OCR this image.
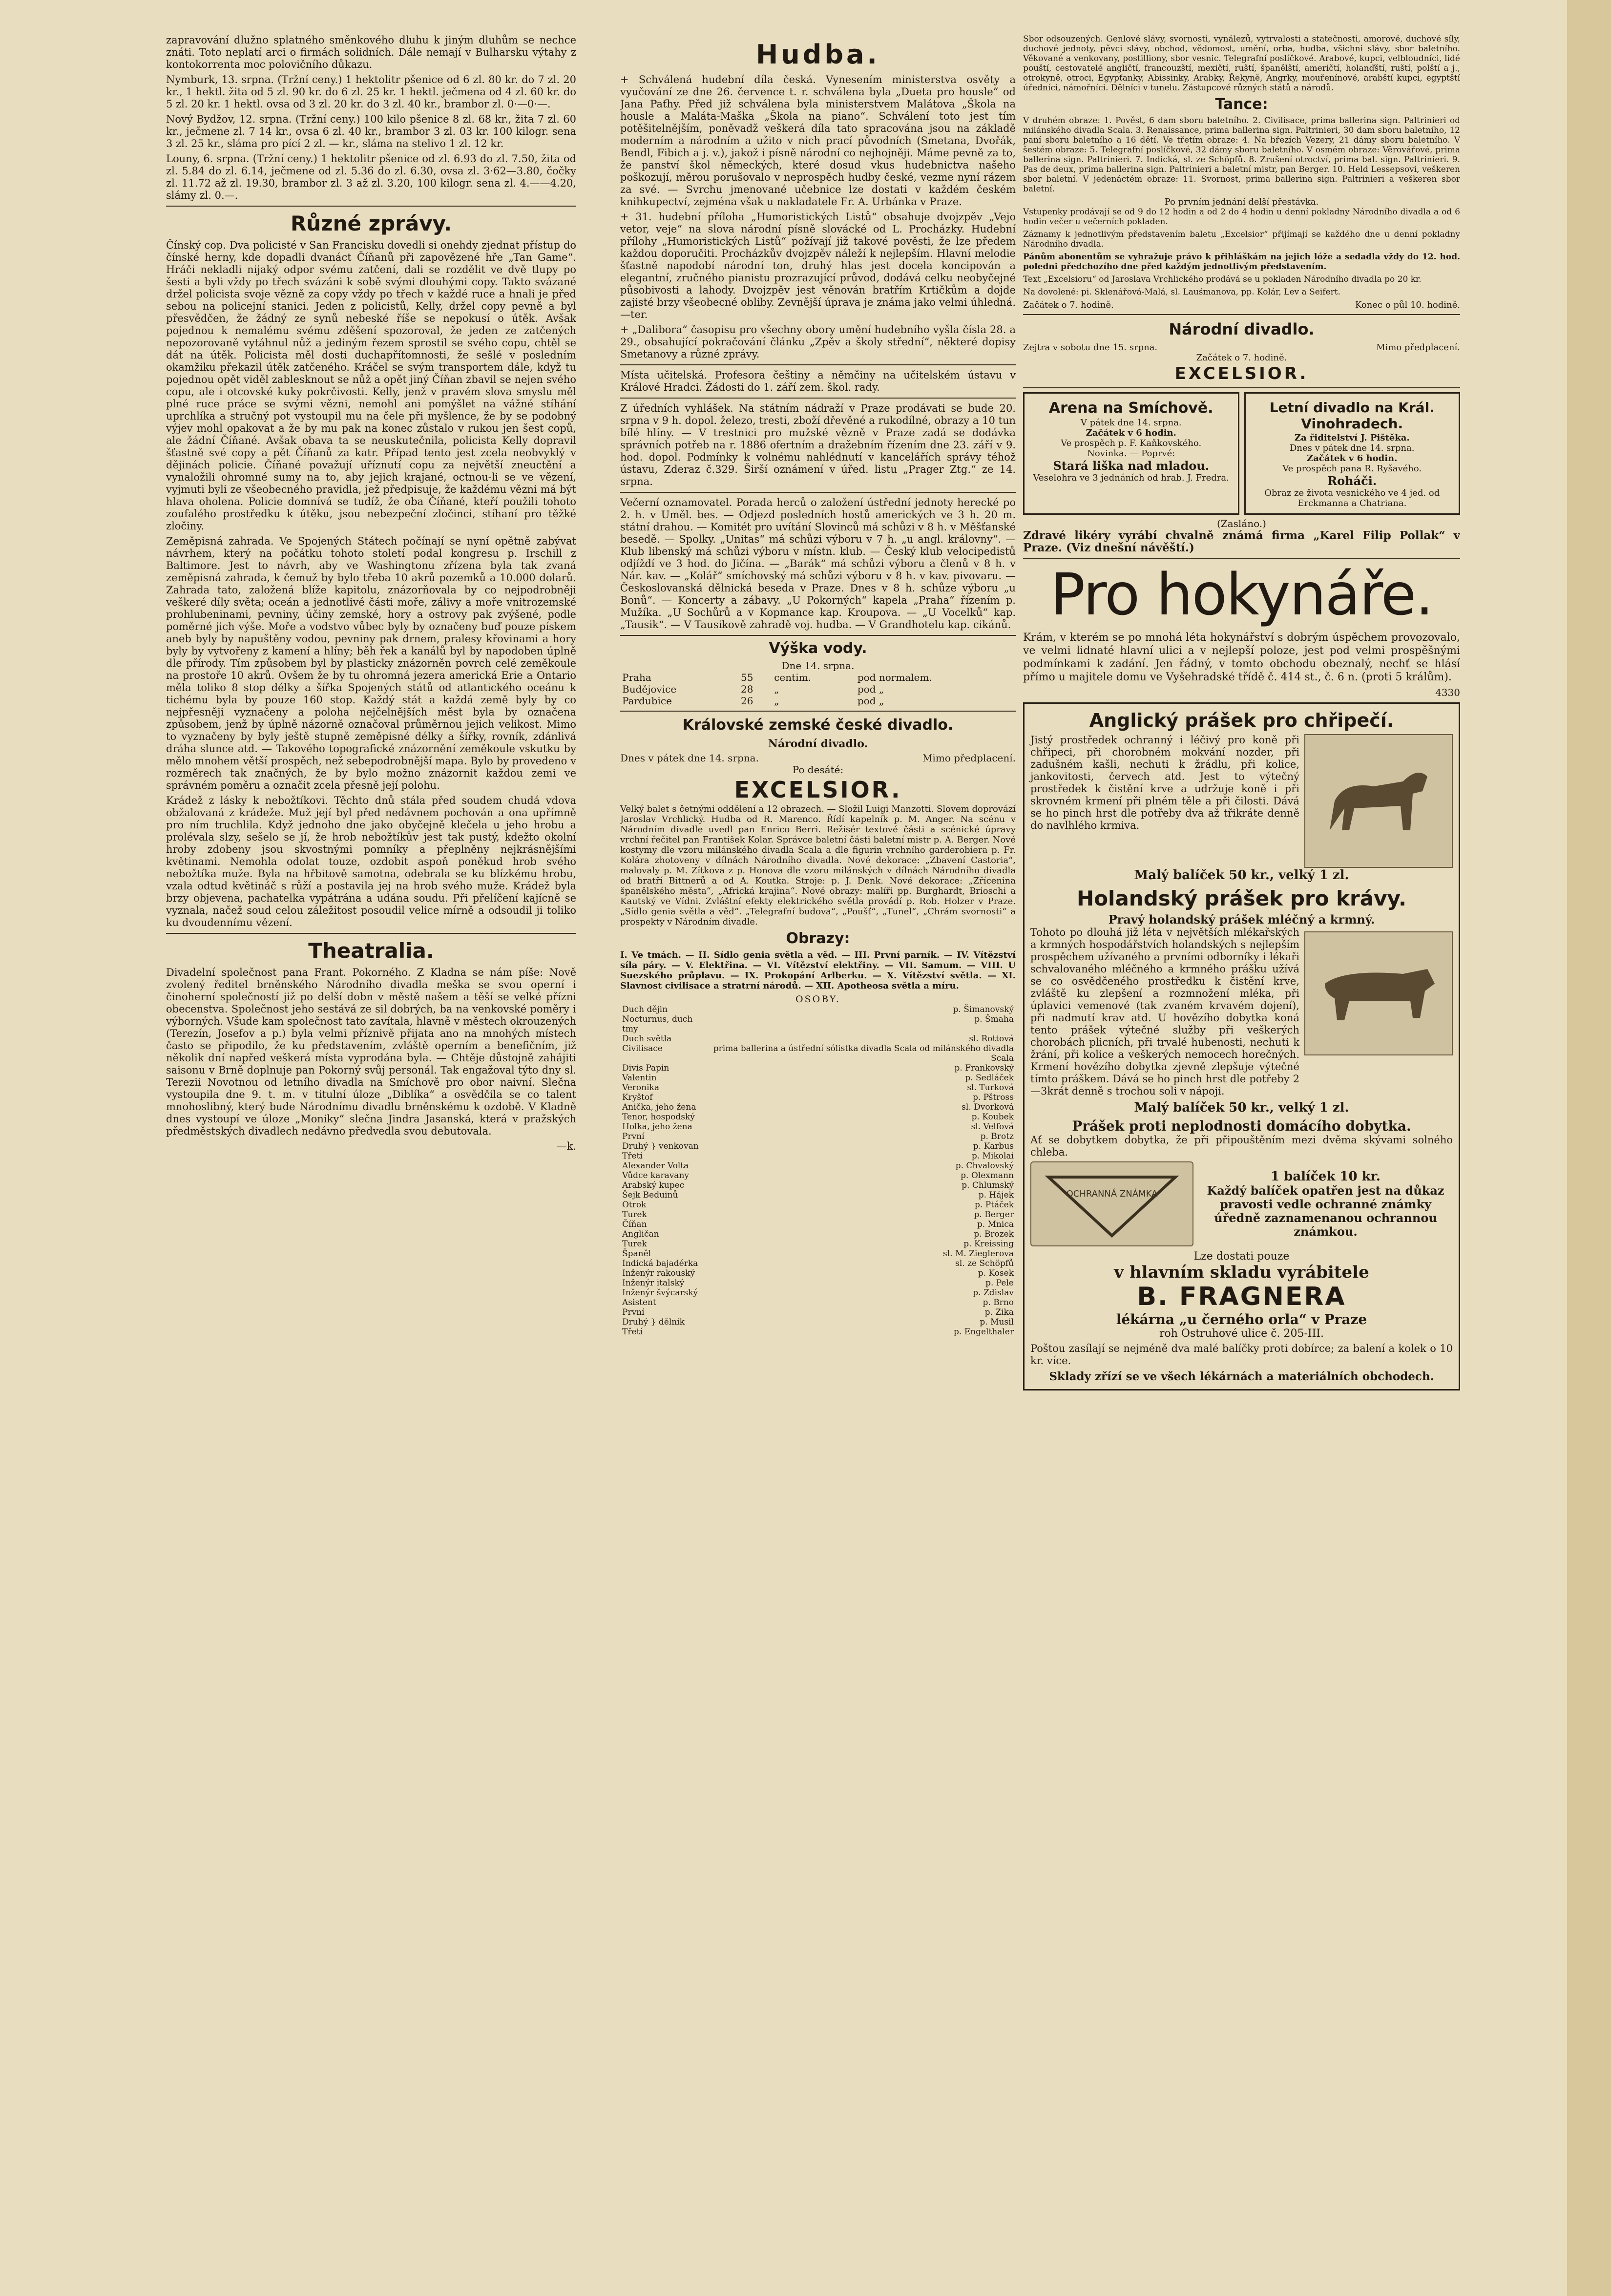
zapravování dlužno splatného směnkového dluhu k jiným dluhům se nechce znáti. Toto neplatí arci o firmách solidních. Dále nemají v Bulharsku výtahy z kontokorrenta moc polovičního důkazu.

Nymburk, 13. srpna. (Tržní ceny.) 1 hektolitr pšenice od 6 zl. 80 kr. do 7 zl. 20 kr., 1 hektl. žita od 5 zl. 90 kr. do 6 zl. 25 kr. 1 hektl. ječmena od 4 zl. 60 kr. do 5 zl. 20 kr. 1 hektl. ovsa od 3 zl. 20 kr. do 3 zl. 40 kr., brambor zl. 0·—0·—.

Nový Bydžov, 12. srpna. (Tržní ceny.) 100 kilo pšenice 8 zl. 68 kr., žita 7 zl. 60 kr., ječmene zl. 7 14 kr., ovsa 6 zl. 40 kr., brambor 3 zl. 03 kr. 100 kilogr. sena 3 zl. 25 kr., sláma pro pící 2 zl. — kr., sláma na stelivo 1 zl. 12 kr.

Louny, 6. srpna. (Tržní ceny.) 1 hektolitr pšenice od zl. 6.93 do zl. 7.50, žita od zl. 5.84 do zl. 6.14, ječmene od zl. 5.36 do zl. 6.30, ovsa zl. 3·62—3.80, čočky zl. 11.72 až zl. 19.30, brambor zl. 3 až zl. 3.20, 100 kilogr. sena zl. 4.——4.20, slámy zl. 0.—.

Různé zprávy.

Čínský cop. Dva policisté v San Francisku dovedli si onehdy zjednat přístup do čínské herny, kde dopadli dvanáct Číňanů při zapovězené hře „Tan Game“. Hráči nekladli nijaký odpor svému zatčení, dali se rozdělit ve dvě tlupy po šesti a byli vždy po třech svázáni k sobě svými dlouhými copy. Takto svázané držel policista svoje vězně za copy vždy po třech v každé ruce a hnali je před sebou na policejní stanici. Jeden z policistů, Kelly, držel copy pevně a byl přesvědčen, že žádný ze synů nebeské říše se nepokusí o útěk. Avšak pojednou k nemalému svému zděšení spozoroval, že jeden ze zatčených nepozorovaně vytáhnul nůž a jediným řezem sprostil se svého copu, chtěl se dát na útěk. Policista měl dosti duchapřítomnosti, že sešlé v posledním okamžiku překazil útěk zatčeného. Kráčel se svým transportem dále, když tu pojednou opět viděl zablesknout se nůž a opět jiný Číňan zbavil se nejen svého copu, ale i otcovské kuky pokrčivosti. Kelly, jenž v pravém slova smyslu měl plné ruce práce se svými vězni, nemohl ani pomýšlet na vážné stíhání uprchlíka a stručný pot vystoupil mu na čele při myšlence, že by se podobný výjev mohl opakovat a že by mu pak na konec zůstalo v rukou jen šest copů, ale žádní Číňané. Avšak obava ta se neuskutečnila, policista Kelly dopravil šťastně své copy a pět Číňanů za katr. Případ tento jest zcela neobvyklý v dějinách policie. Číňané považují uříznutí copu za největší zneuctění a vynaložili ohromné sumy na to, aby jejich krajané, octnou-li se ve vězení, vyjmuti byli ze všeobecného pravidla, jež předpisuje, že každému vězni má být hlava oholena. Policie domnívá se tudíž, že oba Číňané, kteří použili tohoto zoufalého prostředku k útěku, jsou nebezpeční zločinci, stíhaní pro těžké zločiny.

Zeměpisná zahrada. Ve Spojených Státech počínají se nyní opětně zabývat návrhem, který na počátku tohoto století podal kongresu p. Irschill z Baltimore. Jest to návrh, aby ve Washingtonu zřízena byla tak zvaná zeměpisná zahrada, k čemuž by bylo třeba 10 akrů pozemků a 10.000 dolarů. Zahrada tato, založená blíže kapitolu, znázorňovala by co nejpodrobněji veškeré díly světa; oceán a jednotlivé části moře, zálivy a moře vnitrozemské prohlubeninami, pevniny, účiny zemské, hory a ostrovy pak zvýšené, podle poměrné jich výše. Moře a vodstvo vůbec byly by označeny buď pouze pískem aneb byly by napuštěny vodou, pevniny pak drnem, pralesy křovinami a hory byly by vytvořeny z kamení a hlíny; běh řek a kanálů byl by napodoben úplně dle přírody. Tím způsobem byl by plasticky znázorněn povrch celé zeměkoule na prostoře 10 akrů. Ovšem že by tu ohromná jezera americká Erie a Ontario měla toliko 8 stop délky a šířka Spojených států od atlantického oceánu k tichému byla by pouze 160 stop. Každý stát a každá země byly by co nejpřesněji vyznačeny a poloha nejčelnějších měst byla by označena způsobem, jenž by úplně názorně označoval průměrnou jejich velikost. Mimo to vyznačeny by byly ještě stupně zeměpisné délky a šířky, rovník, zdánlivá dráha slunce atd. — Takového topografické znázornění zeměkoule vskutku by mělo mnohem větší prospěch, než sebepodrobnější mapa. Bylo by provedeno v rozměrech tak značných, že by bylo možno znázornit každou zemi ve správném poměru a označit zcela přesně její polohu.

Krádež z lásky k nebožtíkovi. Těchto dnů stála před soudem chudá vdova obžalovaná z krádeže. Muž její byl před nedávnem pochován a ona upřímně pro ním truchlila. Když jednoho dne jako obyčejně klečela u jeho hrobu a prolévala slzy, sešelo se jí, že hrob nebožtíkův jest tak pustý, kdežto okolní hroby zdobeny jsou skvostnými pomníky a přeplněny nejkrásnějšími květinami. Nemohla odolat touze, ozdobit aspoň poněkud hrob svého nebožtíka muže. Byla na hřbitově samotna, odebrala se ku blízkému hrobu, vzala odtud květináč s růží a postavila jej na hrob svého muže. Krádež byla brzy objevena, pachatelka vypátrána a udána soudu. Při přelíčení kajícně se vyznala, načež soud celou záležitost posoudil velice mírně a odsoudil ji toliko ku dvoudennímu vězení.

Theatralia.

Divadelní společnost pana Frant. Pokorného. Z Kladna se nám píše: Nově zvolený ředitel brněnského Národního divadla meška se svou operní i činoherní společností již po delší dobn v městě našem a těší se velké přízni obecenstva. Společnost jeho sestává ze sil dobrých, ba na venkovské poměry i výborných. Všude kam společnost tato zavítala, hlavně v městech okrouzených (Terezín, Josefov a p.) byla velmi příznivě přijata ano na mnohých místech často se připodilo, že ku představením, zvláště operním a benefičním, již několik dní napřed veškerá místa vyprodána byla. — Chtěje důstojně zahájiti saisonu v Brně doplnuje pan Pokorný svůj personál. Tak engažoval týto dny sl. Terezii Novotnou od letního divadla na Smíchově pro obor naivní. Slečna vystoupila dne 9. t. m. v titulní úloze „Diblíka“ a osvědčila se co talent mnohoslibný, který bude Národnímu divadlu brněnskému k ozdobě. V Kladně dnes vystoupí ve úloze „Moniky“ slečna Jindra Jasanská, která v pražských předměstských divadlech nedávno předvedla svou debutovala.

—k.
Hudba.

+ Schválená hudební díla česká. Vynesením ministerstva osvěty a vyučování ze dne 26. července t. r. schválena byla „Dueta pro housle“ od Jana Paťhy. Před již schválena byla ministerstvem Malátova „Škola na housle a Maláta-Maška „Škola na piano“. Schválení toto jest tím potěšitelnějším, poněvadž veškerá díla tato spracována jsou na základě moderním a národním a užito v nich prací původních (Smetana, Dvořák, Bendl, Fibich a j. v.), jakož i písně národní co nejhojněji. Máme pevně za to, že panství škol německých, které dosud vkus hudebnictva našeho poškozují, měrou porušovalo v neprospěch hudby české, vezme nyní rázem za své. — Svrchu jmenované učebnice lze dostati v každém českém knihkupectví, zejména však u nakladatele Fr. A. Urbánka v Praze.

+ 31. hudební příloha „Humoristických Listů“ obsahuje dvojzpěv „Vejo vetor, veje“ na slova národní písně slovácké od L. Procházky. Hudební přílohy „Humoristických Listů“ požívají již takové pověsti, že lze předem každou doporučiti. Procházkův dvojzpěv náleží k nejlepším. Hlavní melodie šťastně napodobí národní ton, druhý hlas jest docela koncipován a elegantní, zručného pianistu prozrazující průvod, dodává celku neobyčejné působivosti a lahody. Dvojzpěv jest věnován bratřím Krtičkům a dojde zajisté brzy všeobecné obliby. Zevnější úprava je známa jako velmi úhledná. —ter.

+ „Dalibora“ časopisu pro všechny obory umění hudebního vyšla čísla 28. a 29., obsahující pokračování článku „Zpěv a školy střední“, některé dopisy Smetanovy a různé zprávy.

Místa učitelská. Profesora češtiny a němčiny na učitelském ústavu v Králové Hradci. Žádosti do 1. září zem. škol. rady.

Z úředních vyhlášek. Na státním nádraží v Praze prodávati se bude 20. srpna v 9 h. dopol. železo, tresti, zboží dřevěné a rukodílné, obrazy a 10 tun bílé hlíny. — V trestnici pro mužské vězně v Praze zadá se dodávka správních potřeb na r. 1886 ofertním a dražebním řízením dne 23. září v 9. hod. dopol. Podmínky k volnému nahlédnutí v kancelářích správy téhož ústavu, Zderaz č.329. Širší oznámení v úřed. listu „Prager Ztg.“ ze 14. srpna.

Večerní oznamovatel. Porada herců o založení ústřední jednoty herecké po 2. h. v Uměl. bes. — Odjezd posledních hostů amerických ve 3 h. 20 m. státní drahou. — Komitét pro uvítání Slovinců má schůzi v 8 h. v Měšťanské besedě. — Spolky. „Unitas“ má schůzi výboru v 7 h. „u angl. královny“. — Klub libenský má schůzi výboru v místn. klub. — Český klub velocipedistů odjíždí ve 3 hod. do Jičína. — „Barák“ má schůzi výboru a členů v 8 h. v Nár. kav. — „Kolář“ smíchovský má schůzi výboru v 8 h. v kav. pivovaru. — Českoslovanská dělnická beseda v Praze. Dnes v 8 h. schůze výboru „u Bonů“. — Koncerty a zábavy. „U Pokorných“ kapela „Praha“ řízením p. Mužíka. „U Sochůrů a v Kopmance kap. Kroupova. — „U Vocelků“ kap. „Tausik“. — V Tausikově zahradě voj. hudba. — V Grandhotelu kap. cikánů.

Výška vody.
Dne 14. srpna.
Praha	55	centim.	pod normalem.
Budějovice	28	„	pod „
Pardubice	26	„	pod „
Královské zemské české divadlo.
Národní divadlo.
Dnes v pátek dne 14. srpna.	Mimo předplacení.
Po desáté:
EXCELSIOR.

Velký balet s četnými oddělení a 12 obrazech. — Složil Luigi Manzotti. Slovem doprovází Jaroslav Vrchlický. Hudba od R. Marenco. Řídí kapelník p. M. Anger. Na scénu v Národním divadle uvedl pan Enrico Berri. Režisér textové části a scénické úpravy vrchní řečitel pan František Kolar. Správce baletní části baletní mistr p. A. Berger. Nové kostymy dle vzoru milánského divadla Scala a dle figurin vrchního garderobiera p. Fr. Kolára zhotoveny v dílnách Národního divadla. Nové dekorace: „Zbavení Castoria“, malovaly p. M. Zítkova z p. Honova dle vzoru milánských v dílnách Národního divadla od bratří Bittnerů a od A. Koutka. Stroje: p. J. Denk. Nové dekorace: „Zřícenina španělského města“, „Africká krajina“. Nové obrazy: malíři pp. Burghardt, Brioschi a Kautský ve Vídni. Zvláštní efekty elektrického světla provádí p. Rob. Holzer v Praze. „Sídlo genia světla a věd“. „Telegrafní budova“, „Poušť“, „Tunel“, „Chrám svornosti“ a prospekty v Národním divadle.

Obrazy:

I. Ve tmách. — II. Sídlo genia světla a věd. — III. První parník. — IV. Vítězství síla páry. — V. Elektřina. — VI. Vítězství elektřiny. — VII. Samum. — VIII. U Suezského průplavu. — IX. Prokopání Arlberku. — X. Vítězství světla. — XI. Slavnost civilisace a stratrní národů. — XII. Apotheosa světla a míru.

OSOBY.
Duch dějin	p. Šimanovský
Nocturnus, duch tmy	p. Šmaha
Duch světla	sl. Rottová
Civilisace	prima ballerina a ústřední sólistka divadla Scala od milánského divadla Scala
Divis Papin	p. Frankovský
Valentin	p. Sedláček
Veronika	sl. Turková
Kryštof	p. Pštross
Anička, jeho žena	sl. Dvorková
Tenor, hospodský	p. Koubek
Holka, jeho žena	sl. Velfová
První	p. Brotz
Druhý } venkovan	p. Karbus
Třetí	p. Mikolai
Alexander Volta	p. Chvalovský
Vůdce karavany	p. Olexmann
Arabský kupec	p. Chlumský
Šejk Beduinů	p. Hájek
Otrok	p. Ptáček
Turek	p. Berger
Číňan	p. Mnica
Angličan	p. Brozek
Turek	p. Kreissing
Španěl	sl. M. Zieglerova
Indická bajadérka	sl. ze Schöpfů
Inženýr rakouský	p. Kosek
Inženýr italský	p. Pele
Inženýr švýcarský	p. Zdislav
Asistent	p. Brno
První	p. Zika
Druhý } dělník	p. Musil
Třetí	p. Engelthaler

Sbor odsouzených. Genlové slávy, svornosti, vynálezů, vytrvalosti a statečnosti, amorové, duchové síly, duchové jednoty, pěvci slávy, obchod, vědomost, umění, orba, hudba, všichni slávy, sbor baletního. Věkované a venkovany, postilliony, sbor vesnic. Telegrafní poslíčkové. Arabové, kupci, velbloudníci, lidé pouští, cestovatelé angličtí, francouzští, mexičtí, ruští, španělští, američtí, holanďští, ruští, polští a j., otrokyně, otroci, Egypťanky, Abissinky, Arabky, Řekyně, Angrky, mouřenínové, arabští kupci, egyptští úředníci, námořníci. Dělníci v tunelu. Zástupcové různých států a národů.

Tance:

V druhém obraze: 1. Pověst, 6 dam sboru baletního. 2. Civilisace, prima ballerina sign. Paltrinieri od milánského divadla Scala. 3. Renaissance, prima ballerina sign. Paltrinieri, 30 dam sboru baletního, 12 paní sboru baletního a 16 dětí. Ve třetím obraze: 4. Na březích Vezery, 21 dámy sboru baletního. V šestém obraze: 5. Telegrafní poslíčkové, 32 dámy sboru baletního. V osmém obraze: Věrovářové, prima ballerina sign. Paltrinieri. 7. Indická, sl. ze Schöpfů. 8. Zrušení otroctví, prima bal. sign. Paltrinieri. 9. Pas de deux, prima ballerina sign. Paltrinieri a baletní mistr, pan Berger. 10. Held Lessepsovi, veškeren sbor baletní. V jedenáctém obraze: 11. Svornost, prima ballerina sign. Paltrinieri a veškeren sbor baletní.

Po prvním jednání delší přestávka.

Vstupenky prodávají se od 9 do 12 hodin a od 2 do 4 hodin u denní pokladny Národního divadla a od 6 hodin večer u večerních pokladen.

Záznamy k jednotlivým představením baletu „Excelsior“ přijímají se každého dne u denní pokladny Národního divadla.

Pánům abonentům se vyhražuje právo k přihláškám na jejich lóže a sedadla vždy do 12. hod. poledni předchozího dne před každým jednotlivým představením.

Text „Excelsioru“ od Jaroslava Vrchlického prodává se u pokladen Národního divadla po 20 kr.

Na dovolené: pi. Sklenářová-Malá, sl. Lauśmanova, pp. Kolár, Lev a Seifert.

Začátek o 7. hodině.	Konec o půl 10. hodině.
Národní divadlo.
Zejtra v sobotu dne 15. srpna.	Mimo předplacení.
Začátek o 7. hodině.
EXCELSIOR.
Arena na Smíchově.
V pátek dne 14. srpna.
Začátek v 6 hodin.
Ve prospěch p. F. Kaňkovského.
Novinka. — Poprvé:
Stará liška nad mladou.
Veselohra ve 3 jednáních od hrab. J. Fredra.
Letní divadlo na Král. Vinohradech.
Za řiditelství J. Pištěka.
Dnes v pátek dne 14. srpna.
Začátek v 6 hodin.
Ve prospěch pana R. Ryšavého.
Roháči.
Obraz ze života vesnického ve 4 jed. od Erckmanna a Chatriana.
(Zasláno.)

Zdravé likéry vyrábí chvalně známá firma „Karel Filip Pollak“ v Praze. (Viz dnešní návěští.)

Pro hokynáře.

Krám, v kterém se po mnohá léta hokynářství s dobrým úspěchem provozovalo, ve velmi lidnaté hlavní ulici a v nejlepší poloze, jest pod velmi prospěšnými podmínkami k zadání. Jen řádný, v tomto obchodu obeznalý, nechť se hlásí přímo u majitele domu ve Vyšehradské třídě č. 414 st., č. 6 n. (proti 5 králům).

4330
Anglický prášek pro chřipečí.

Jistý prostředek ochranný i léčivý pro koně při chřipeci, při chorobném mokvání nozder, při zadušném kašli, nechuti k žrádlu, při kolice, jankovitosti, červech atd. Jest to výtečný prostředek k čistění krve a udržuje koně i při skrovném krmení při plném těle a při čilosti. Dává se ho pinch hrst dle potřeby dva až třikráte denně do navlhlého krmiva.

Malý balíček 50 kr., velký 1 zl.
Holandský prášek pro krávy.
Pravý holandský prášek mléčný a krmný.

Tohoto po dlouhá již léta v největších mlékařských a krmných hospodářstvích holandských s nejlepším prospěchem užívaného a prvními odborníky i lékaři schvalovaného mléčného a krmného prášku užívá se co osvědčeného prostředku k čistění krve, zvláště ku zlepšení a rozmnožení mléka, při úplavici vemenové (tak zvaném krvavém dojení), při nadmutí krav atd. U hovězího dobytka koná tento prášek výtečné služby při veškerých chorobách plicních, při trvalé hubenosti, nechuti k žrání, při kolice a veškerých nemocech horečných. Krmení hovězího dobytka zjevně zlepšuje výtečné tímto práškem. Dává se ho pinch hrst dle potřeby 2—3krát denně s trochou soli v nápoji.

Malý balíček 50 kr., velký 1 zl.
Prášek proti neplodnosti domácího dobytka.

Ať se dobytkem dobytka, že při připouštěním mezi dvěma skývami solného chleba.

OCHRANNÁ ZNÁMKA
1 balíček 10 kr.
Každý balíček opatřen jest na důkaz pravosti vedle ochranné známky úředně zaznamenanou ochrannou známkou.
Lze dostati pouze
v hlavním skladu vyrábitele
B. FRAGNERA
lékárna „u černého orla“ v Praze
roh Ostruhové ulice č. 205-III.

Poštou zasílají se nejméně dva malé balíčky proti dobírce; za balení a kolek o 10 kr. více.

Sklady zřízí se ve všech lékárnách a materiálních obchodech.
